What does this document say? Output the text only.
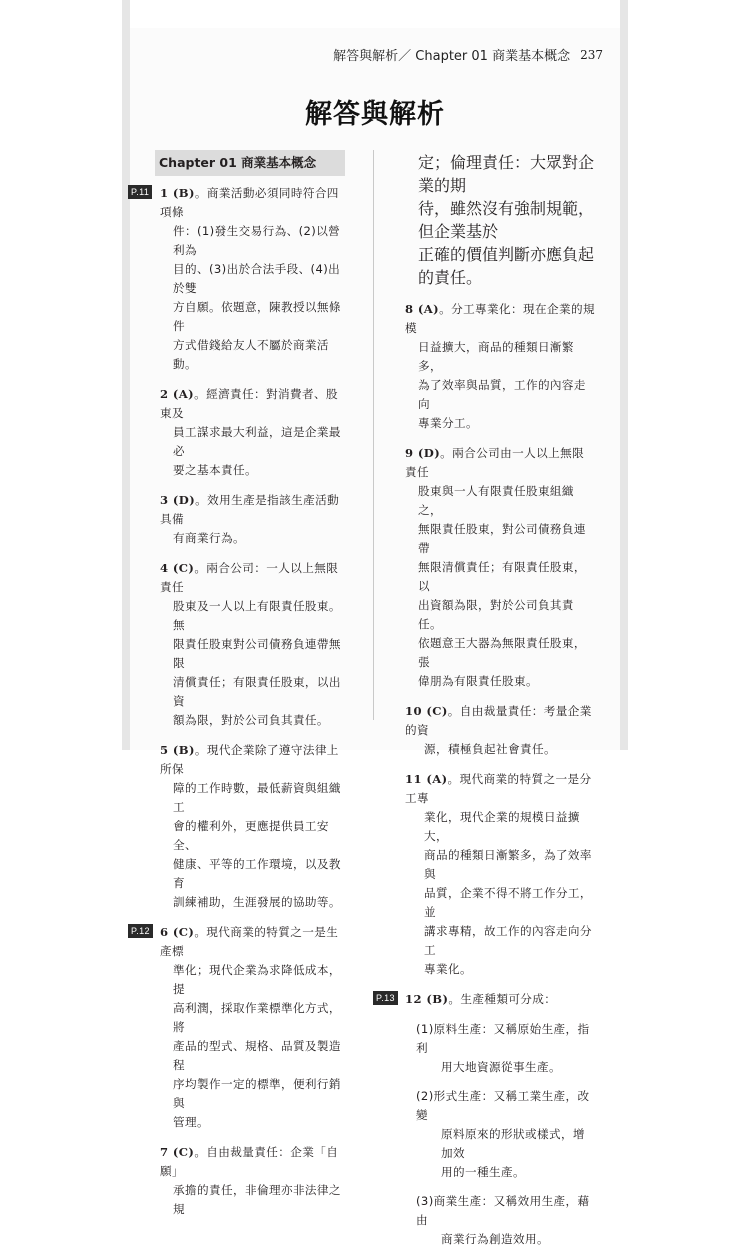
解答與解析／ Chapter 01 商業基本概念 237
解答與解析
Chapter 01 商業基本概念
P.11 1 (B)。商業活動必須同時符合四項條

件：(1)發生交易行為、(2)以營利為

目的、(3)出於合法手段、(4)出於雙

方自願。依題意，陳教授以無條件

方式借錢給友人不屬於商業活動。

2 (A)。經濟責任：對消費者、股東及

員工謀求最大利益，這是企業最必

要之基本責任。

3 (D)。效用生產是指該生產活動具備

有商業行為。

4 (C)。兩合公司：一人以上無限責任

股東及一人以上有限責任股東。無

限責任股東對公司債務負連帶無限

清償責任；有限責任股東，以出資

額為限，對於公司負其責任。

5 (B)。現代企業除了遵守法律上所保

障的工作時數，最低薪資與組織工

會的權利外，更應提供員工安全、

健康、平等的工作環境，以及教育

訓練補助，生涯發展的協助等。

P.12 6 (C)。現代商業的特質之一是生產標

準化；現代企業為求降低成本，提

高利潤，採取作業標準化方式，將

產品的型式、規格、品質及製造程

序均製作一定的標準，便利行銷與

管理。

7 (C)。自由裁量責任：企業「自願」

承擔的責任，非倫理亦非法律之規

定；倫理責任：大眾對企業的期

待，雖然沒有強制規範，但企業基於

正確的價值判斷亦應負起的責任。

8 (A)。分工專業化：現在企業的規模

日益擴大，商品的種類日漸繁多，

為了效率與品質，工作的內容走向

專業分工。

9 (D)。兩合公司由一人以上無限責任

股東與一人有限責任股東組織之，

無限責任股東，對公司債務負連帶

無限清償責任；有限責任股東，以

出資額為限，對於公司負其責任。

依題意王大器為無限責任股東，張

偉朋為有限責任股東。

10 (C)。自由裁量責任：考量企業的資

源，積極負起社會責任。

11 (A)。現代商業的特質之一是分工專

業化，現代企業的規模日益擴大，

商品的種類日漸繁多，為了效率與

品質，企業不得不將工作分工，並

講求專精，故工作的內容走向分工

專業化。

P.13 12 (B)。生產種類可分成：

(1)原料生產：又稱原始生產，指利

用大地資源從事生產。

(2)形式生產：又稱工業生產，改變

原料原來的形狀或樣式，增加效

用的一種生產。

(3)商業生產：又稱效用生產，藉由

商業行為創造效用。
